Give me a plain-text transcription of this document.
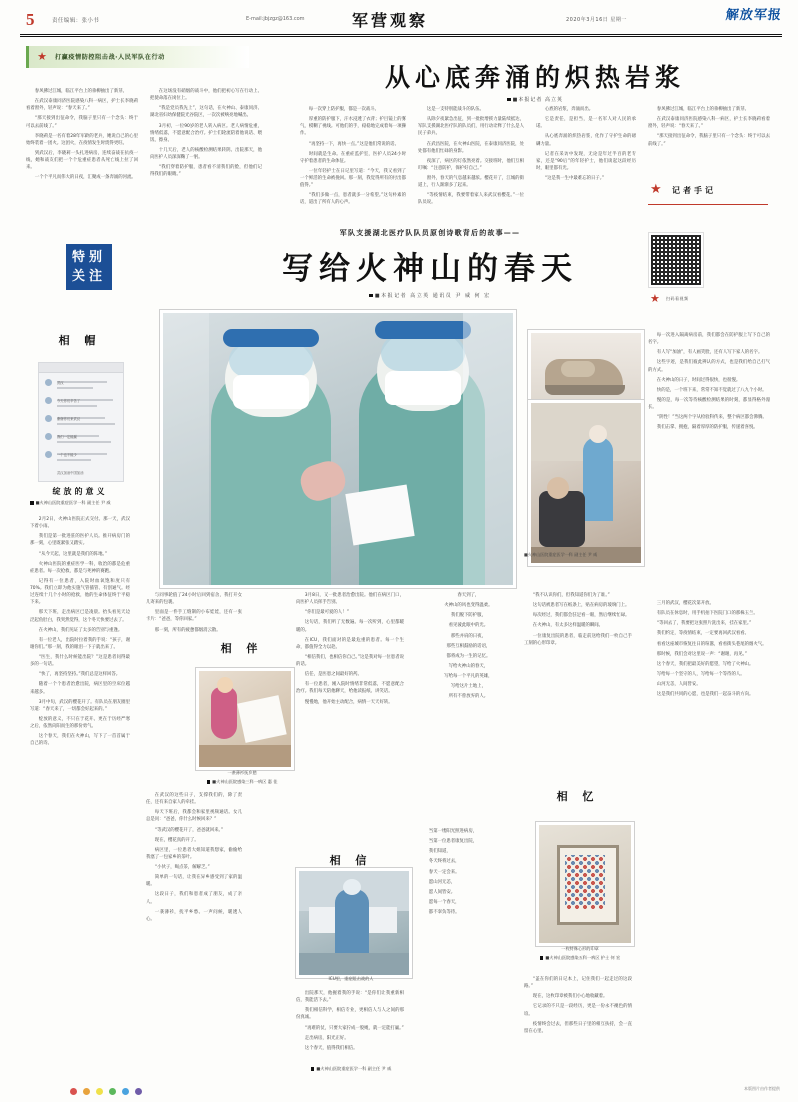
5	责任编辑：张小书	E-mail:jbjzgz@163.com	军营观察	2020年3月16日 星期一	解放军报
★	打赢疫情防控阻击战·人民军队在行动
从心底奔涌的炽热岩浆
■本报记者 高立英

春风拂过江城，临江平台上的垂柳抽出了新芽。

在武汉泰康同济医院感染八科一病区，护士长李晓莉看着窗外，轻声说：“春天来了。”

“那天接到出征命令，我脑子里只有一个念头：终于可以去前线了。”

李晓莉是一名有着28年军龄的老兵，她说自己的心里始终装着一团火。这团火，在疫情发生时烧得更旺。

到武汉后，李晓莉一头扎进病房，连续奋战在抗疫一线，她和战友们把一个个危重症患者从死亡线上拉了回来。

一个个平凡而伟大的日夜，汇聚成一条奔涌的河流。

在这场没有硝烟的战斗中，他们把初心写在行动上、把使命落在岗位上。

“我是党员我先上”，这句话，在火神山、泰康同济、湖北省妇幼保健院光谷院区，一次次被响亮地喊出。

3月初，一位90岁的老人转入病区。老人病情危重，情绪低落，不愿意配合治疗。护士们轮流陪着他说话、喂饭、擦身。

十几天后，老人的核酸检测结果转阴。出院那天，他向医护人员深深鞠了一躬。

“我们穿着防护服，患者看不清我们的脸，但他们记得我们的眼睛。”

每一次穿上防护服，都是一次战斗。

厚重的防护服下，汗水浸透了衣背；护目镜上的雾气，模糊了视线。可他们的手，稳稳地完成着每一项操作。

“再坚持一下，再快一点。”这是他们常说的话。

时间就是生命。在重症监护室，医护人员24小时守护着患者的生命体征。

一位年轻护士在日记里写道：“今天，我又看到了一个鲜活的生命被挽回。那一刻，我觉得所有的付出都值得。”

“我们多做一点，患者就多一分希望。”这句朴素的话，道出了所有人的心声。

这是一支特别能战斗的队伍。

从除夕夜紧急出征，到一批批增援力量陆续抵达，军队支援湖北医疗队的队员们，用行动诠释了什么是人民子弟兵。

在武昌医院，在火神山医院，在泰康同济医院，处处都有他们忙碌的身影。

夜深了，病区的灯依然亮着。交接班时，他们互相叮嘱：“注意防护，保护好自己。”

窗外，春天的气息越来越浓。樱花开了，江城的街道上，行人渐渐多了起来。

“等疫情结束，我要带着家人来武汉看樱花。”一位队员说。

心底的岩浆，奔涌而出。

它是责任，是担当，是一名军人对人民的承诺。

从心底奔涌的炽热岩浆，化作了守护生命的磅礴力量。

记者在采访中发现，无论是年过半百的老专家，还是“90后”的年轻护士，他们谈起这段经历时，眼里都有光。

“这是我一生中最难忘的日子。”

春风拂过江城，临江平台上的垂柳抽出了新芽。

在武汉泰康同济医院感染八科一病区，护士长李晓莉看着窗外，轻声说：“春天来了。”

“那天接到出征命令，我脑子里只有一个念头：终于可以去前线了。”

★ 记者手记
军队支援湖北医疗队队员原创诗歌背后的故事——
写给火神山的春天
■本报记者 高立英 通讯员 尹 威 何 宏
特别
关注
★ 扫码看视频
■火神山医院重症医学一科 副主任 尹 威
相 帽
武汉
今天你们辛苦了
谢谢你们来武汉
我们一定能赢
一个也不能少
武汉加油中国加油
绽放的意义
■火神山医院重症医学一科 副主任 尹 威

2月2日，火神山医院正式交付。那一天，武汉下着小雨。

我们是第一批进驻的医护人员。推开病房门的那一刻，心里既紧张又踏实。

“从今天起，这里就是我们的阵地。”

火神山医院的重症医学一科，收治的都是危重症患者。每一次抢救，都是与死神的赛跑。

记得有一位患者，入院时血氧饱和度只有70%。我们立即为他实施气管插管、有创通气。经过连续十几个小时的抢救，他的生命体征终于平稳下来。

那天下班，走出病区已是凌晨。抬头看见天边泛起鱼肚白，我突然觉得，这个冬天快要过去了。

在火神山，我们见证了太多的告别与重逢。

有一位老人，出院时拉着我的手说：“孩子，谢谢你们。”那一刻，我的眼泪一下子就出来了。

“医生，我什么时候能出院？”这是患者问得最多的一句话。

“快了，再坚持坚持。”我们总是这样回答。

随着一个个患者治愈出院，病区里的空床位越来越多。

3月中旬，武汉的樱花开了。有队员在朋友圈里写道：“春天来了，一切都会好起来的。”

绽放的意义，不只在于花开。更在于历经严寒之后，依然向阳而生的那份勇气。

这个春天，我们在火神山，写下了一首首属于自己的诗。

与同事轮值了24小时后回到宿舍，我打开女儿寄来的包裹。

里面是一件手工缝制的小布娃娃，还有一张卡片：“爸爸，等你回家。”

那一刻，所有的疲惫都烟消云散。

相 伴
一袭薄衫抚乡愁
■火神山医院感染三科一病区 惠 佳

在武汉的这些日子，支撑我们的，除了责任，还有来自家人的牵挂。

每天下班后，我都会和家里视频通话。女儿总是问：“爸爸，你什么时候回来？”

“等武汉的樱花开了，爸爸就回来。”

现在，樱花真的开了。

病区里，一位患者大姐知道我想家，偷偷给我塞了一包家乡的茶叶。

“小伙子，喝点茶，解解乏。”

简单的一句话，让我在异乡感受到了家的温暖。

这段日子，我们和患者成了朋友，成了亲人。

一袭薄衫，抚平乡愁。一声问候，暖透人心。

3月8日，又一批患者治愈出院。他们在病区门口，向医护人员挥手告别。

“你们是最可爱的人！”

这句话，我们听了无数遍。每一次听到，心里都暖暖的。

在ICU，我们面对的是最危重的患者。每一个生命，都值得全力以赴。

“相信我们，也相信你自己。”这是我对每一位患者说的话。

信任，是医患之间最好的药。

有一位患者，刚入院时情绪非常低落，不愿意配合治疗。我们每天陪他聊天，给他读报纸、讲笑话。

慢慢地，他开始主动配合，病情一天天好转。

相 信
ICU里，重症阻击战的人

出院那天，他握着我的手说：“是你们让我重新相信，我能活下去。”

我们相信科学，相信专业，更相信人与人之间的那份真诚。

“再难的仗，只要大家拧成一股绳，就一定能打赢。”

走出病房，阳光正好。

这个春天，值得我们相信。

■火神山医院重症医学一科 副主任 尹 威

春天到了，

火神山的风也变得温柔。

我们脱下防护服，

看见彼此眼中的光。

那些并肩的日夜，

那些互相鼓励的话语，

都将成为一生的记忆。

写给火神山的春天，

写给每一个平凡的英雄，

写给这片土地上，

所有不曾放弃的人。

当第一缕阳光照进病房，

当第一位患者康复出院，

我们知道，

冬天终将过去，

春天一定会来。

愿山河无恙，

愿人间皆安。

愿每一个春天，

都不辜负等待。

“我不认识你们，但我知道你们为了谁。”

这句话被患者写在纸条上，贴在病房的玻璃门上。

每次经过，我们都会驻足看一眼，然后继续忙碌。

在火神山，有太多这样温暖的瞬间。

一位康复出院的患者，临走前送给我们一枚自己手工刻的心形印章。

相 忆
一枚特殊心形的印章
■火神山医院感染五科一病区 护士 何 宏

“盖在你们的日记本上，记住我们一起走过的这段路。”

现在，这枚印章被我们小心地收藏着。

它记录的不只是一段经历，更是一份永不褪色的情谊。

疫情终会过去，但那些日子里的相互扶持，会一直留在心里。

每一次进入隔离病房前，我们都会在防护服上写下自己的名字。

有人写“加油”，有人画笑脸，还有人写下家人的名字。

这些字迹，是我们彼此辨认的方式，也是我们给自己打气的方式。

在火神山的日子，时间过得很快，也很慢。

快的是，一个班下来，常常不知不觉就过了八九个小时。

慢的是，每一次等待核酸检测结果的时刻，都显得格外漫长。

“阴性！”当这两个字从检验科传来，整个病区都会沸腾。

我们击掌、拥抱，隔着厚厚的防护服，传递着喜悦。

三月的武汉，樱花次第开放。

有队员在休息时，用手机拍下医院门口的那株玉兰。

“等回去了，我要把这张照片洗出来，挂在家里。”

我们约定，等疫情结束，一定要再回武汉看看。

看看这座城市恢复往日的喧嚣，看看街头巷尾的烟火气。

那时候，我们会对这里说一声：“谢谢，再见。”

这个春天，我们把最美好的愿望，写给了火神山。

写给每一个坚守的人，写给每一个等待的人。

山河无恙，人间皆安。

这是我们共同的心愿，也是我们一起奋斗的方向。

本版图片由作者提供
